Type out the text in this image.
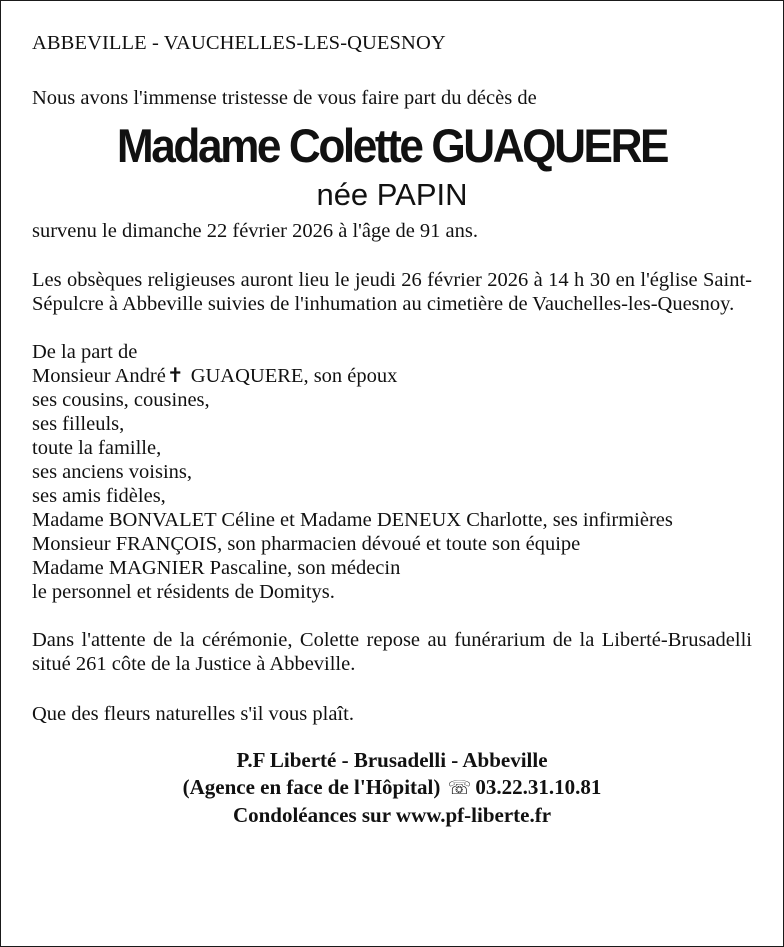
ABBEVILLE - VAUCHELLES-LES-QUESNOY
Nous avons l'immense tristesse de vous faire part du décès de
Madame Colette GUAQUERE
née PAPIN
survenu le dimanche 22 février 2026 à l'âge de 91 ans.
Les obsèques religieuses auront lieu le jeudi 26 février 2026 à 14 h 30 en l'église Saint-Sépulcre à Abbeville suivies de l'inhumation au cimetière de Vauchelles-les-Quesnoy.
De la part de
Monsieur André✝ GUAQUERE, son époux
ses cousins, cousines,
ses filleuls,
toute la famille,
ses anciens voisins,
ses amis fidèles,
Madame BONVALET Céline et Madame DENEUX Charlotte, ses infirmières
Monsieur FRANÇOIS, son pharmacien dévoué et toute son équipe
Madame MAGNIER Pascaline, son médecin
le personnel et résidents de Domitys.
Dans l'attente de la cérémonie, Colette repose au funérarium de la Liberté-Brusadelli situé 261 côte de la Justice à Abbeville.
Que des fleurs naturelles s'il vous plaît.
P.F Liberté - Brusadelli - Abbeville
(Agence en face de l'Hôpital) ☏ 03.22.31.10.81
Condoléances sur www.pf-liberte.fr
